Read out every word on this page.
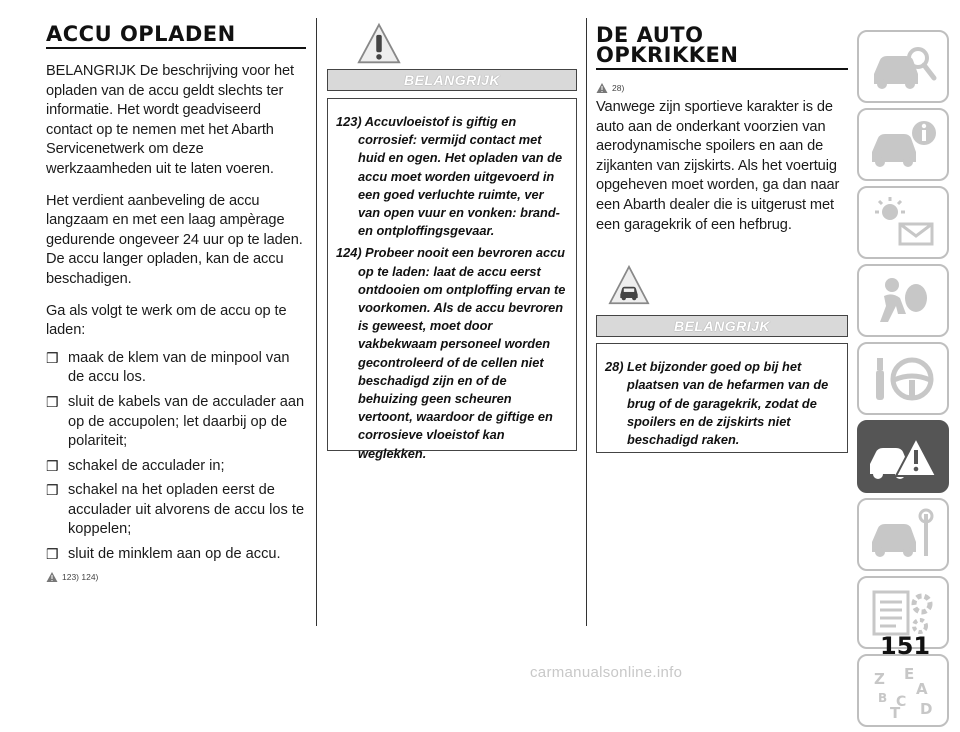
ACCU OPLADEN

BELANGRIJK De beschrijving voor het opladen van de accu geldt slechts ter informatie. Het wordt geadviseerd contact op te nemen met het Abarth Servicenetwerk om deze werkzaamheden uit te laten voeren.

Het verdient aanbeveling de accu langzaam en met een laag ampèrage gedurende ongeveer 24 uur op te laden. De accu langer opladen, kan de accu beschadigen.

Ga als volgt te werk om de accu op te laden:

❒ maak de klem van de minpool van de accu los.
❒ sluit de kabels van de acculader aan op de accupolen; let daarbij op de polariteit;
❒ schakel de acculader in;
❒ schakel na het opladen eerst de acculader uit alvorens de accu los te koppelen;
❒ sluit de minklem aan op de accu.
123) 124)
BELANGRIJK

123) Accuvloeistof is giftig en corrosief: vermijd contact met huid en ogen. Het opladen van de accu moet worden uitgevoerd in een goed verluchte ruimte, ver van open vuur en vonken: brand- en ontploffingsgevaar.

124) Probeer nooit een bevroren accu op te laden: laat de accu eerst ontdooien om ontploffing ervan te voorkomen. Als de accu bevroren is geweest, moet door vakbekwaam personeel worden gecontroleerd of de cellen niet beschadigd zijn en of de behuizing geen scheuren vertoont, waardoor de giftige en corrosieve vloeistof kan weglekken.

DE AUTO
OPKRIKKEN
28)

Vanwege zijn sportieve karakter is de auto aan de onderkant voorzien van aerodynamische spoilers en aan de zijkanten van zijskirts. Als het voertuig opgeheven moet worden, ga dan naar een Abarth dealer die is uitgerust met een garagekrik of een hefbrug.

BELANGRIJK

28) Let bijzonder goed op bij het plaatsen van de hefarmen van de brug of de garagekrik, zodat de spoilers en de zijskirts niet beschadigd raken.

Z E
A
B C
T D
151
carmanualsonline.info
